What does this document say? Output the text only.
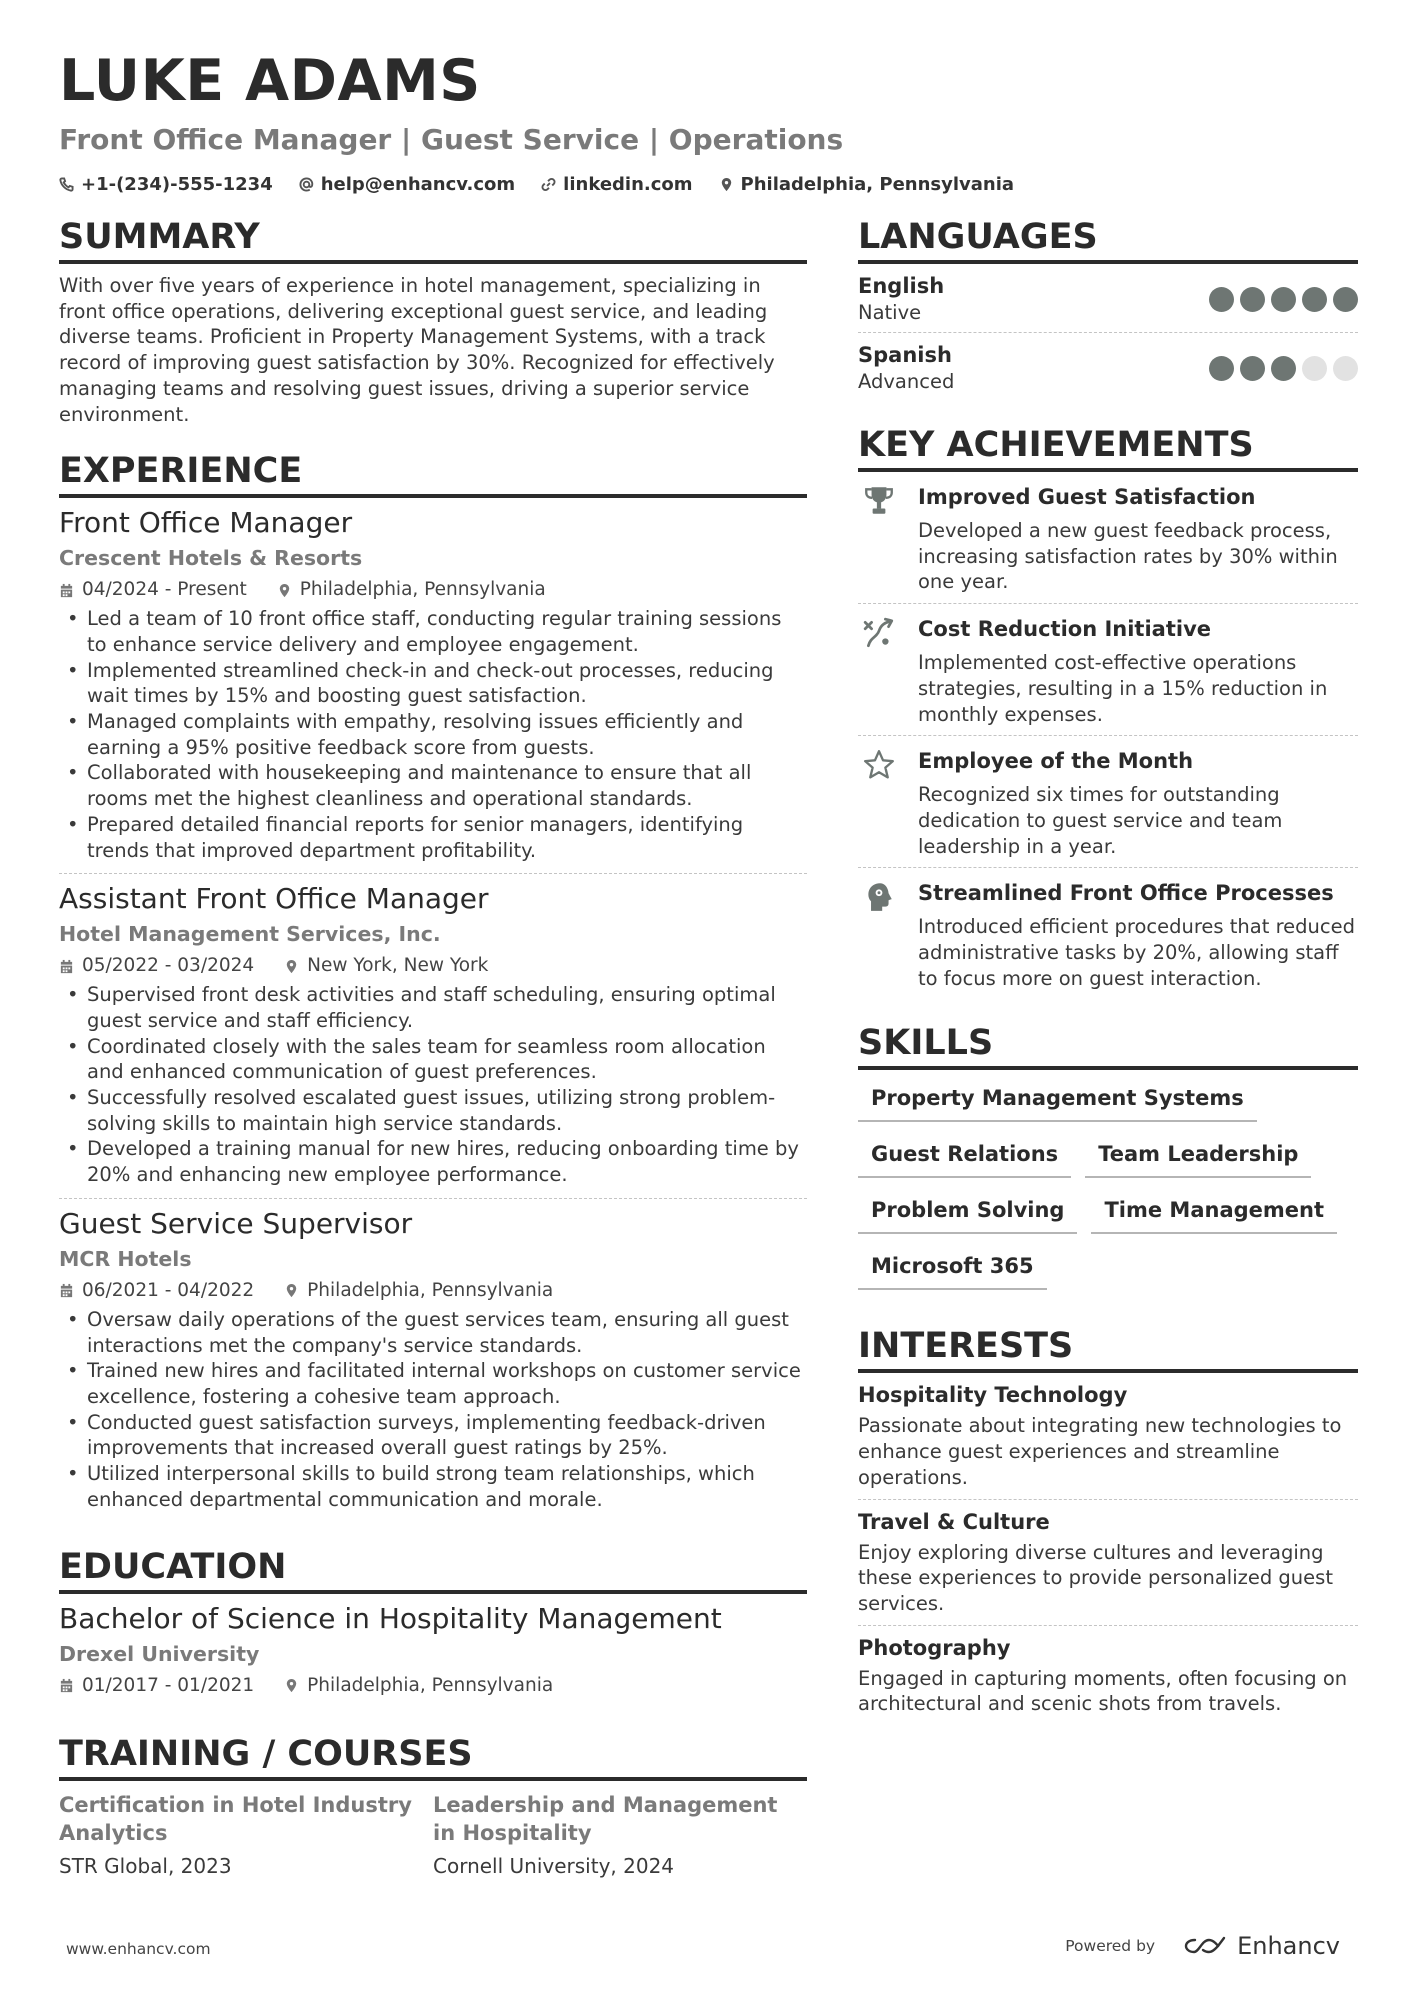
LUKE ADAMS
Front Office Manager | Guest Service | Operations
+1-(234)-555-1234	help@enhancv.com	linkedin.com	Philadelphia, Pennsylvania
SUMMARY
With over five years of experience in hotel management, specializing in front office operations, delivering exceptional guest service, and leading diverse teams. Proficient in Property Management Systems, with a track record of improving guest satisfaction by 30%. Recognized for effectively managing teams and resolving guest issues, driving a superior service environment.
EXPERIENCE
Front Office Manager
Crescent Hotels & Resorts
04/2024 - Present	Philadelphia, Pennsylvania
• Led a team of 10 front office staff, conducting regular training sessions to enhance service delivery and employee engagement.
• Implemented streamlined check-in and check-out processes, reducing wait times by 15% and boosting guest satisfaction.
• Managed complaints with empathy, resolving issues efficiently and earning a 95% positive feedback score from guests.
• Collaborated with housekeeping and maintenance to ensure that all rooms met the highest cleanliness and operational standards.
• Prepared detailed financial reports for senior managers, identifying trends that improved department profitability.
Assistant Front Office Manager
Hotel Management Services, Inc.
05/2022 - 03/2024	New York, New York
• Supervised front desk activities and staff scheduling, ensuring optimal guest service and staff efficiency.
• Coordinated closely with the sales team for seamless room allocation and enhanced communication of guest preferences.
• Successfully resolved escalated guest issues, utilizing strong problem-solving skills to maintain high service standards.
• Developed a training manual for new hires, reducing onboarding time by 20% and enhancing new employee performance.
Guest Service Supervisor
MCR Hotels
06/2021 - 04/2022	Philadelphia, Pennsylvania
• Oversaw daily operations of the guest services team, ensuring all guest interactions met the company's service standards.
• Trained new hires and facilitated internal workshops on customer service excellence, fostering a cohesive team approach.
• Conducted guest satisfaction surveys, implementing feedback-driven improvements that increased overall guest ratings by 25%.
• Utilized interpersonal skills to build strong team relationships, which enhanced departmental communication and morale.
EDUCATION
Bachelor of Science in Hospitality Management
Drexel University
01/2017 - 01/2021	Philadelphia, Pennsylvania
TRAINING / COURSES
Certification in Hotel Industry Analytics
STR Global, 2023
Leadership and Management in Hospitality
Cornell University, 2024
LANGUAGES
English
Native
Spanish
Advanced
KEY ACHIEVEMENTS
Improved Guest Satisfaction
Developed a new guest feedback process, increasing satisfaction rates by 30% within one year.
Cost Reduction Initiative
Implemented cost-effective operations strategies, resulting in a 15% reduction in monthly expenses.
Employee of the Month
Recognized six times for outstanding dedication to guest service and team leadership in a year.
Streamlined Front Office Processes
Introduced efficient procedures that reduced administrative tasks by 20%, allowing staff to focus more on guest interaction.
SKILLS
Property Management Systems
Guest Relations	Team Leadership
Problem Solving	Time Management
Microsoft 365
INTERESTS
Hospitality Technology
Passionate about integrating new technologies to enhance guest experiences and streamline operations.
Travel & Culture
Enjoy exploring diverse cultures and leveraging these experiences to provide personalized guest services.
Photography
Engaged in capturing moments, often focusing on architectural and scenic shots from travels.
www.enhancv.com	Powered by	Enhancv
